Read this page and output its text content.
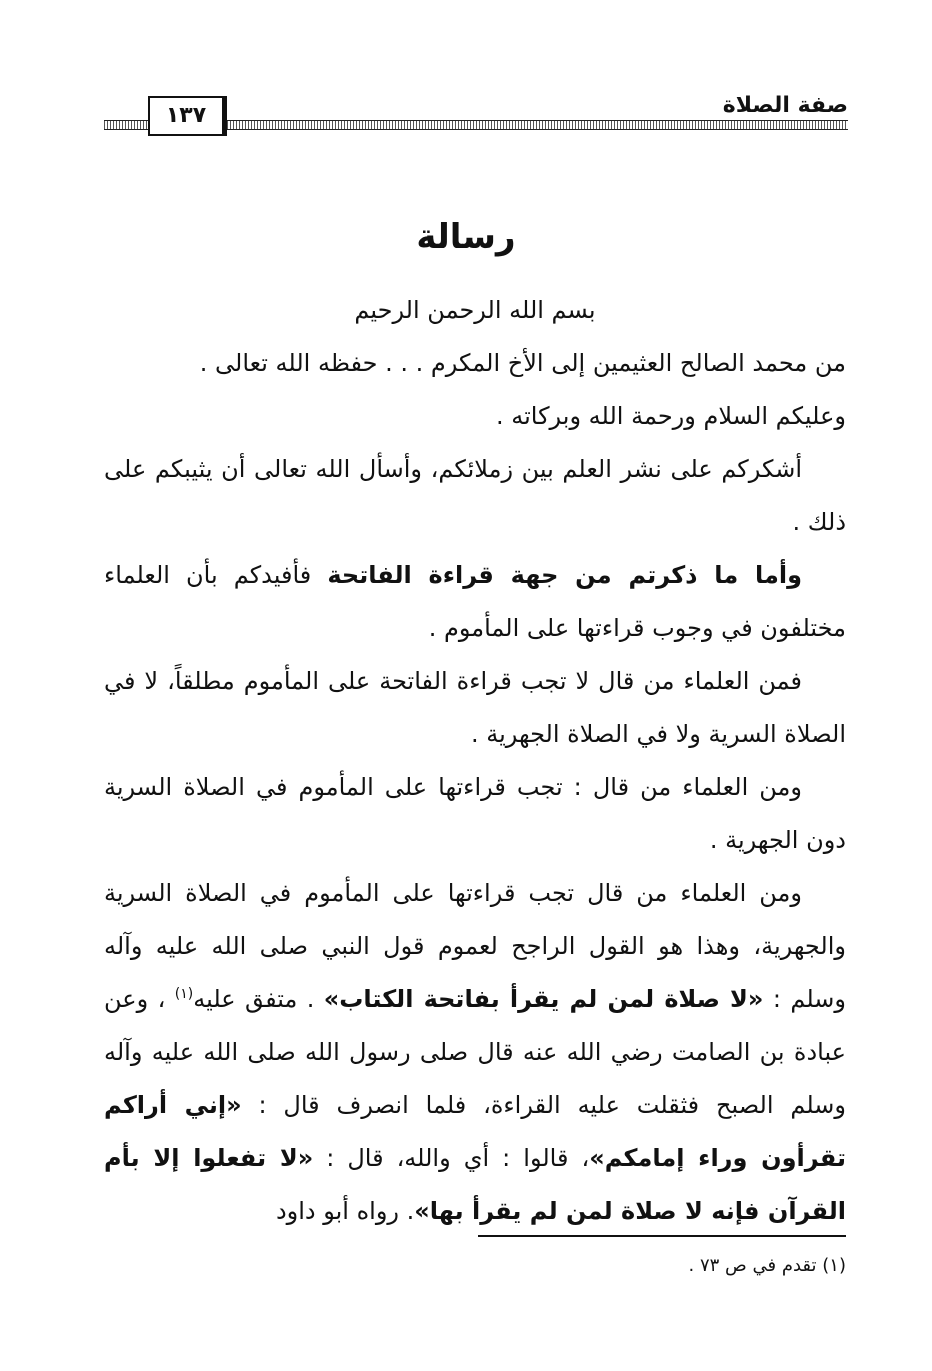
١٣٧	صفة الصلاة
رسالة

بسم الله الرحمن الرحيم

من محمد الصالح العثيمين إلى الأخ المكرم . . . حفظه الله تعالى .

وعليكم السلام ورحمة الله وبركاته .

أشكركم على نشر العلم بين زملائكم، وأسأل الله تعالى أن يثيبكم على ذلك .

وأما ما ذكرتم من جهة قراءة الفاتحة فأفيدكم بأن العلماء مختلفون في وجوب قراءتها على المأموم .

فمن العلماء من قال لا تجب قراءة الفاتحة على المأموم مطلقاً، لا في الصلاة السرية ولا في الصلاة الجهرية .

ومن العلماء من قال : تجب قراءتها على المأموم في الصلاة السرية دون الجهرية .

ومن العلماء من قال تجب قراءتها على المأموم في الصلاة السرية والجهرية، وهذا هو القول الراجح لعموم قول النبي صلى الله عليه وآله وسلم : «لا صلاة لمن لم يقرأ بفاتحة الكتاب» . متفق عليه$^{(١)}$ ، وعن عبادة بن الصامت رضي الله عنه قال صلى رسول الله صلى الله عليه وآله وسلم الصبح فثقلت عليه القراءة، فلما انصرف قال : «إني أراكم تقرأون وراء إمامكم»، قالوا : أي والله، قال : «لا تفعلوا إلا بأم القرآن فإنه لا صلاة لمن لم يقرأ بها». رواه أبو داود

(١) تقدم في ص ٧٣ .
